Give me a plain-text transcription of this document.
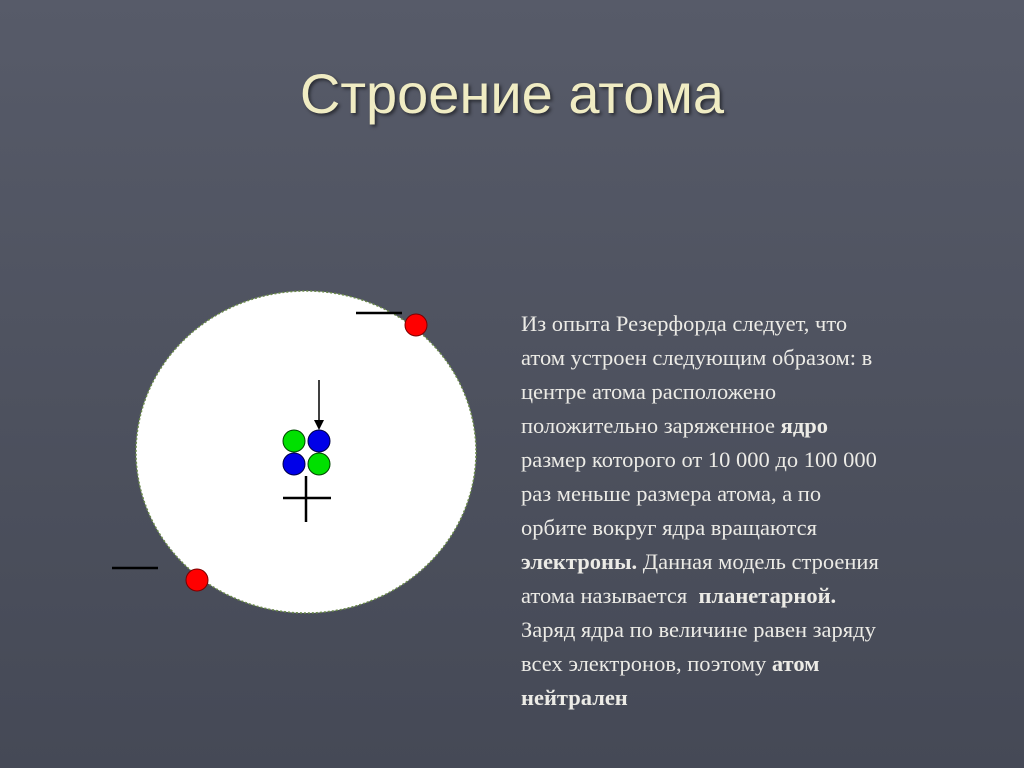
Строение атома
Из опыта Резерфорда следует, что
атом устроен следующим образом: в
центре атома расположено
положительно заряженное ядро
размер которого от 10 000 до 100 000
раз меньше размера атома, а по
орбите вокруг ядра вращаются
электроны. Данная модель строения
атома называется  планетарной.
Заряд ядра по величине равен заряду
всех электронов, поэтому атом
нейтрален
